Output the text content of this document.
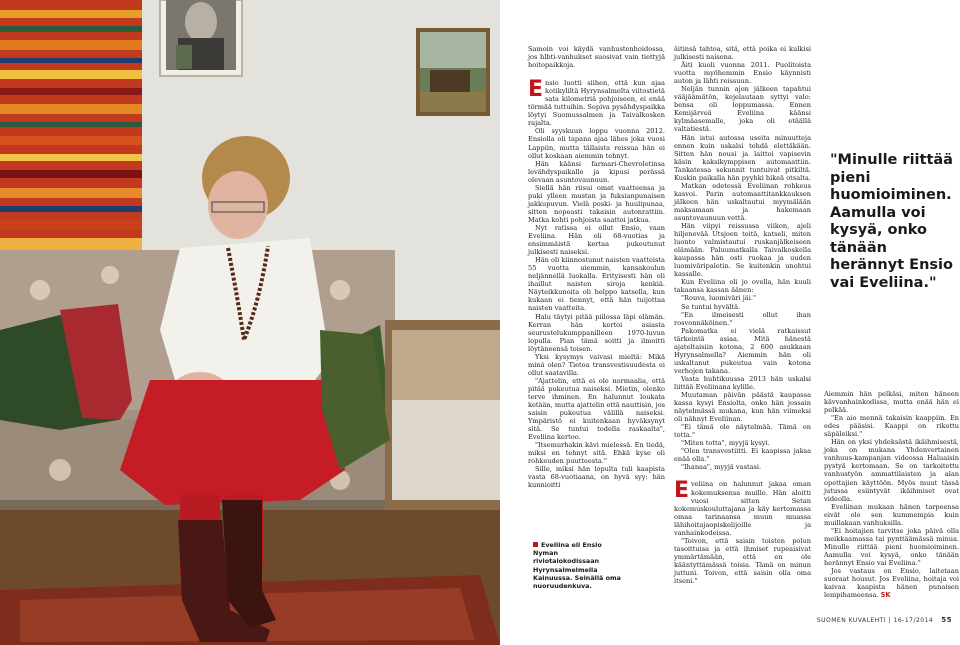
Samoin voi käydä vanhustenhoidossa, jos hlbti-vanhukset suosivat vain tiettyjä hoitopaikkoja.

Ensio luotti siihen, että kun ajaa kotikyliltä Hyrynsalmelta viitostietä sata kilometriä pohjoiseen, ei enää törmää tuttuihin. Sopiva pysähdyspaikka löytyi Suomussalmen ja Taivalkosken rajalta.

Oli syyskuun loppu vuonna 2012. Ensiolla oli tapana ajaa lähes joka vuosi Lappiin, mutta tällaista reissua hän ei ollut koskaan aiemmin tehnyt.

Hän käänsi farmari-Chevroletinsa levähdyspaikalle ja kipusi perässä olevaan asuntovaunuun.

Siellä hän riisui omat vaatteensa ja puki ylleen mustan ja fuksianpunaisen jakkupuvun. Vielä poski- ja huulipunaa, sitten nopeasti takaisin autonrattiin. Matka kohti pohjoista saattoi jatkua.

Nyt ratissa ei ollut Ensio, vaan Eveliina. Hän oli 68-vuotias ja ensimmäistä kertaa pukeutunut julkisesti naiseksi.

Hän oli kiinnostunut naisten vaatteista 55 vuotta aiemmin, kansakoulun neljännellä luokalla. Erityisesti hän oli ihaillut naisten siroja kenkiä. Näyteikkunoita oli helppo katsella, kun kukaan ei tiennyt, että hän tuijottaa naisten vaatteita.

Halu täytyi pitää piilossa läpi elämän. Kerran hän kertoi asiasta seurustelukumppanilleen 1970-luvun lopulla. Pian tämä soitti ja ilmoitti löytäneensä toisen.

Yksi kysymys vaivasi mieltä: Mikä minä olen? Tietoa transvestisuudesta ei ollut saatavilla.

"Ajattelin, että ei ole normaalia, että pitää pukeutua naiseksi. Mietin, olenko terve ihminen. En halunnut loukata ketään, mutta ajattelin että nauttisin, jos saisin pukeutua välillä naiseksi. Ympäristö ei kuitenkaan hyväksynyt sitä. Se tuntui todella raskaalta", Eveliina kertoo.

"Itsemurhakin kävi mielessä. En tiedä, miksi en tehnyt sitä. Ehkä kyse oli rohkeuden puutteesta."

Sille, miksi hän lopulta tuli kaapista vasta 68-vuotiaana, on hyvä syy: hän kunnioitti

Eveliina eli Ensio Nyman riviotalokodissaan Hyrynsalmelmella Kainuussa. Seinällä oma nuoruudenkuva.

äitinsä tahtoa, sitä, että poika ei kulkisi julkisesti naisena.

Äiti kuoli vuonna 2011. Puolitoista vuotta myöhemmin Ensio käynnisti auton ja lähti reissuun.

Neljän tunnin ajon jälkeen tapahtui vääjäämätön, kejelautaan syttyi valo: bensa oli loppumassa. Ennen Kemijärveä Eveliina käänsi kylmäasemalle, joka oli etäällä valtatiestä.

Hän istui autossa useita minuutteja ennen kuin uskalsi tehdä elettäkään. Sitten hän nousi ja laittoi vapisevin käsin kaksikymppisen automaattiin. Tankatessa sekunnit tuntuivat pitkiltä. Kuskin paikalla hän pyyhki hikeä otsalta.

Matkan edetessä Eveliinan rohkeus kasvoi. Parin automaattitankkauksen jälkeen hän uskaltautui myymälään maksamaan ja hakemaan asuntovaunuun vettä.

Hän viipyi reissussa viikon, ajeli hiljenevää Utsjoen teitä, katseli, miten luonto valmistautui ruskanjälkeiseen elämään. Paluumatkalla Taivalkoskella kaupassa hän osti ruokaa ja uuden luomiväripaletin. Se kuitenkin unohtui kassalle.

Kun Eveliina oli jo ovella, hän kuuli takaansa kassan äänen:

"Rouva, luomiväri jäi."

Se tuntui hyvältä.

"En ilmeisesti ollut ihan rosvonnäköinen."

Pakomatka ei vielä ratkaissut tärkeintä asiaa. Mitä hänestä ajateltaisiin kotona, 2 600 asukkaan Hyrynsalmella? Aiemmin hän oli uskaltanut pukeutua vain kotona verhojen takana.

Vasta huhtikuussa 2013 hän uskalsi liittää Eveliinana kylille.

Muutaman päivän päästä kaupassa kassa kysyi Ensiolta, onko hän jossain näytelmässä mukana, kun hän viimeksi oli nähnyt Eveliinan.

"Ei tämä ole näytelmää. Tämä on totta."

"Miten totta", myyjä kysyi.

"Olen transvestiitti. Ei kaapissa jaksa enää olla."

"Ihanaa", myyjä vastasi.

Eveliina on halunnut jakaa oman kokemuksensa muille. Hän aloitti vuosi sitten Setan kokemuskouluttajana ja käy kertomassa omaa tarinaansa muun muassa lähihoitajaopiskelijoille ja vanhainkodeissa.

"Toivon, että saisin toisten polun tasoittuisa ja että ihmiset rupeaisivat ymmärtämään, että en ole kääntyttämässä toisia. Tämä on minun juttuni. Toivon, että saisin olla oma itseni."

"Minulle riittää pieni huomioiminen. Aamulla voi kysyä, onko tänään herännyt Ensio vai Eveliina."

Aiemmin hän pelkäsi, miten häneen kävvanhainkodissa, mutta enää hän ei pelkää.

"En aio mennä takaisin kaappiin. En edes pääsisi. Kaappi on rikottu säpäleiksi."

Hän on yksi yhdeksästä ikäihmisestä, joka on mukana Yhdenvertainen vanhuus-kampanjan videossa Haluaisin pystyä kertomaan. Se on tarkoitettu vanhustyön ammattilaisten ja alan opettajien käyttöön. Myös muut tässä jutussa esiintyvät ikäihmiset ovat videolla.

Eveliinan mukaan hänen tarpeensa eivät ole sen kummempia kuin muillakaan vanhuksilla.

"Ei hoitajien tarvitse joka päivä olla meikkaamassa tai pynttäämässä minua. Minulle riittää pieni huomioiminen. Aamulla voi kysyä, onko tänään herännyt Ensio vai Eveliina."

Jos vastaus on Ensio, laitetaan suoraat housut. Jos Eveliina, hoitaja voi kaivaa kaapista hänen punaisen lempihameensa. SK

SUOMEN KUVALEHTI | 16-17/2014 55
